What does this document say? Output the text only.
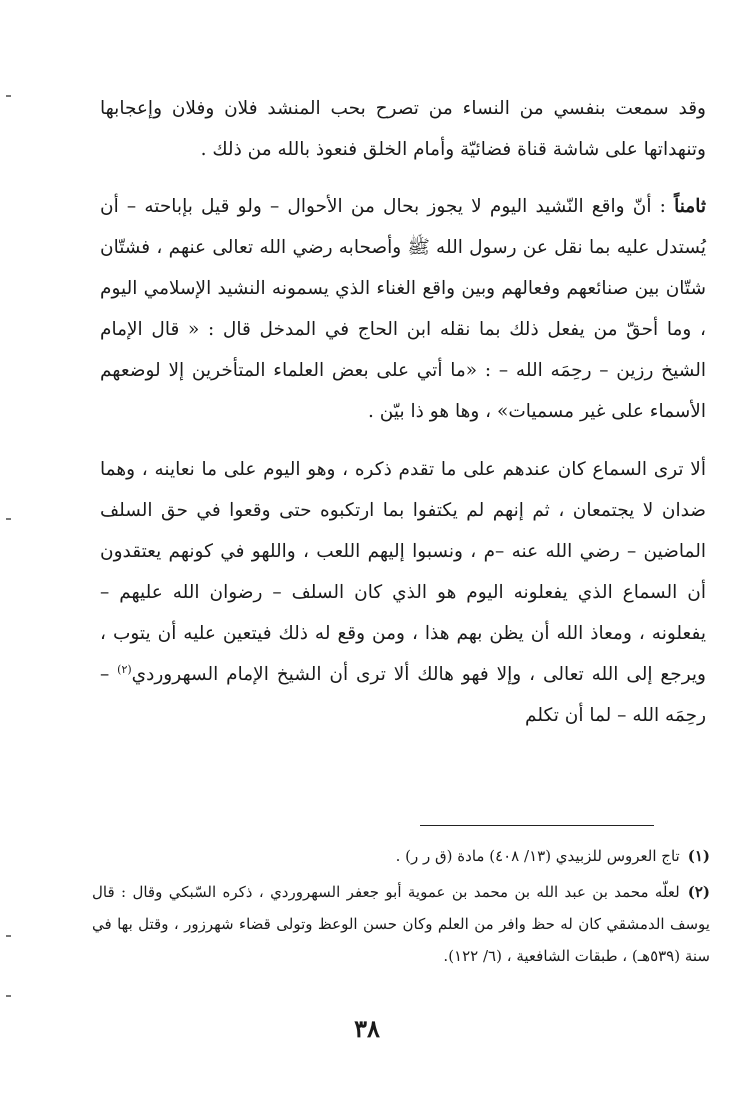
وقد سمعت بنفسي من النساء من تصرح بحب المنشد فلان وفلان وإعجابها وتنهداتها على شاشة قناة فضائيّة وأمام الخلق فنعوذ بالله من ذلك .

ثامناً : أنّ واقع النّشيد اليوم لا يجوز بحال من الأحوال – ولو قيل بإباحته – أن يُستدل عليه بما نقل عن رسول الله ﷺ وأصحابه رضي الله تعالى عنهم ، فشتّان شتّان بين صنائعهم وفعالهم وبين واقع الغناء الذي يسمونه النشيد الإسلامي اليوم ، وما أحقّ من يفعل ذلك بما نقله ابن الحاج في المدخل قال : « قال الإمام الشيخ رزين – رحِمَه الله – : «ما أتي على بعض العلماء المتأخرين إلا لوضعهم الأسماء على غير مسميات» ، وها هو ذا بيّن .

ألا ترى السماع كان عندهم على ما تقدم ذكره ، وهو اليوم على ما نعاينه ، وهما ضدان لا يجتمعان ، ثم إنهم لم يكتفوا بما ارتكبوه حتى وقعوا في حق السلف الماضين – رضي الله عنه –م ، ونسبوا إليهم اللعب ، واللهو في كونهم يعتقدون أن السماع الذي يفعلونه اليوم هو الذي كان السلف – رضوان الله عليهم – يفعلونه ، ومعاذ الله أن يظن بهم هذا ، ومن وقع له ذلك فيتعين عليه أن يتوب ، ويرجع إلى الله تعالى ، وإلا فهو هالك ألا ترى أن الشيخ الإمام السهروردي$^{(٢)}$ – رحِمَه الله – لما أن تكلم

(١)تاج العروس للزبيدي (١٣/ ٤٠٨) مادة (ق ر ر) .

(٢)لعلّه محمد بن عبد الله بن محمد بن عموية أبو جعفر السهروردي ، ذكره السّبكي وقال : قال يوسف الدمشقي كان له حظ وافر من العلم وكان حسن الوعظ وتولى قضاء شهرزور ، وقتل بها في سنة (٥٣٩هـ) ، طبقات الشافعية ، (٦/ ١٢٢).

٣٨
